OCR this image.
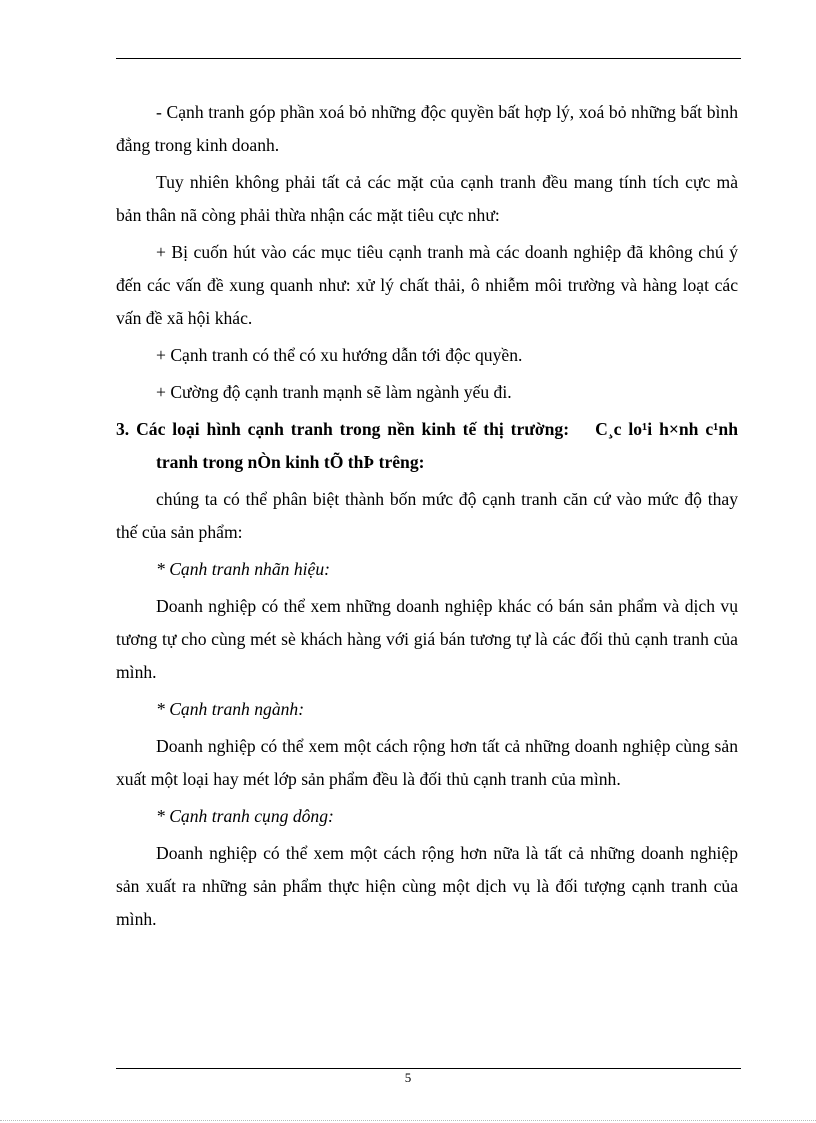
- Cạnh tranh góp phần xoá bỏ những độc quyền bất hợp lý, xoá bỏ những bất bình đẳng trong kinh doanh.

Tuy nhiên không phải tất cả các mặt của cạnh tranh đều mang tính tích cực mà bản thân nã còng phải thừa nhận các mặt tiêu cực như:

+ Bị cuốn hút vào các mục tiêu cạnh tranh mà các doanh nghiệp đã không chú ý đến các vấn đề xung quanh như: xử lý chất thải, ô nhiễm môi trường và hàng loạt các vấn đề xã hội khác.

+ Cạnh tranh có thể có xu hướng dẫn tới độc quyền.

+ Cường độ cạnh tranh mạnh sẽ làm ngành yếu đi.

3. Các loại hình cạnh tranh trong nền kinh tế thị trường: C¸c lo¹i h×nh c¹nh tranh trong nÒn kinh tÕ thÞ trêng:

chúng ta có thể phân biệt thành bốn mức độ cạnh tranh căn cứ vào mức độ thay thế của sản phẩm:

* Cạnh tranh nhãn hiệu:

Doanh nghiệp có thể xem những doanh nghiệp khác có bán sản phẩm và dịch vụ tương tự cho cùng mét sè khách hàng với giá bán tương tự là các đối thủ cạnh tranh của mình.

* Cạnh tranh ngành:

Doanh nghiệp có thể xem một cách rộng hơn tất cả những doanh nghiệp cùng sản xuất một loại hay mét lớp sản phẩm đều là đối thủ cạnh tranh của mình.

* Cạnh tranh cụng dông:

Doanh nghiệp có thể xem một cách rộng hơn nữa là tất cả những doanh nghiệp sản xuất ra những sản phẩm thực hiện cùng một dịch vụ là đối tượng cạnh tranh của mình.

5
